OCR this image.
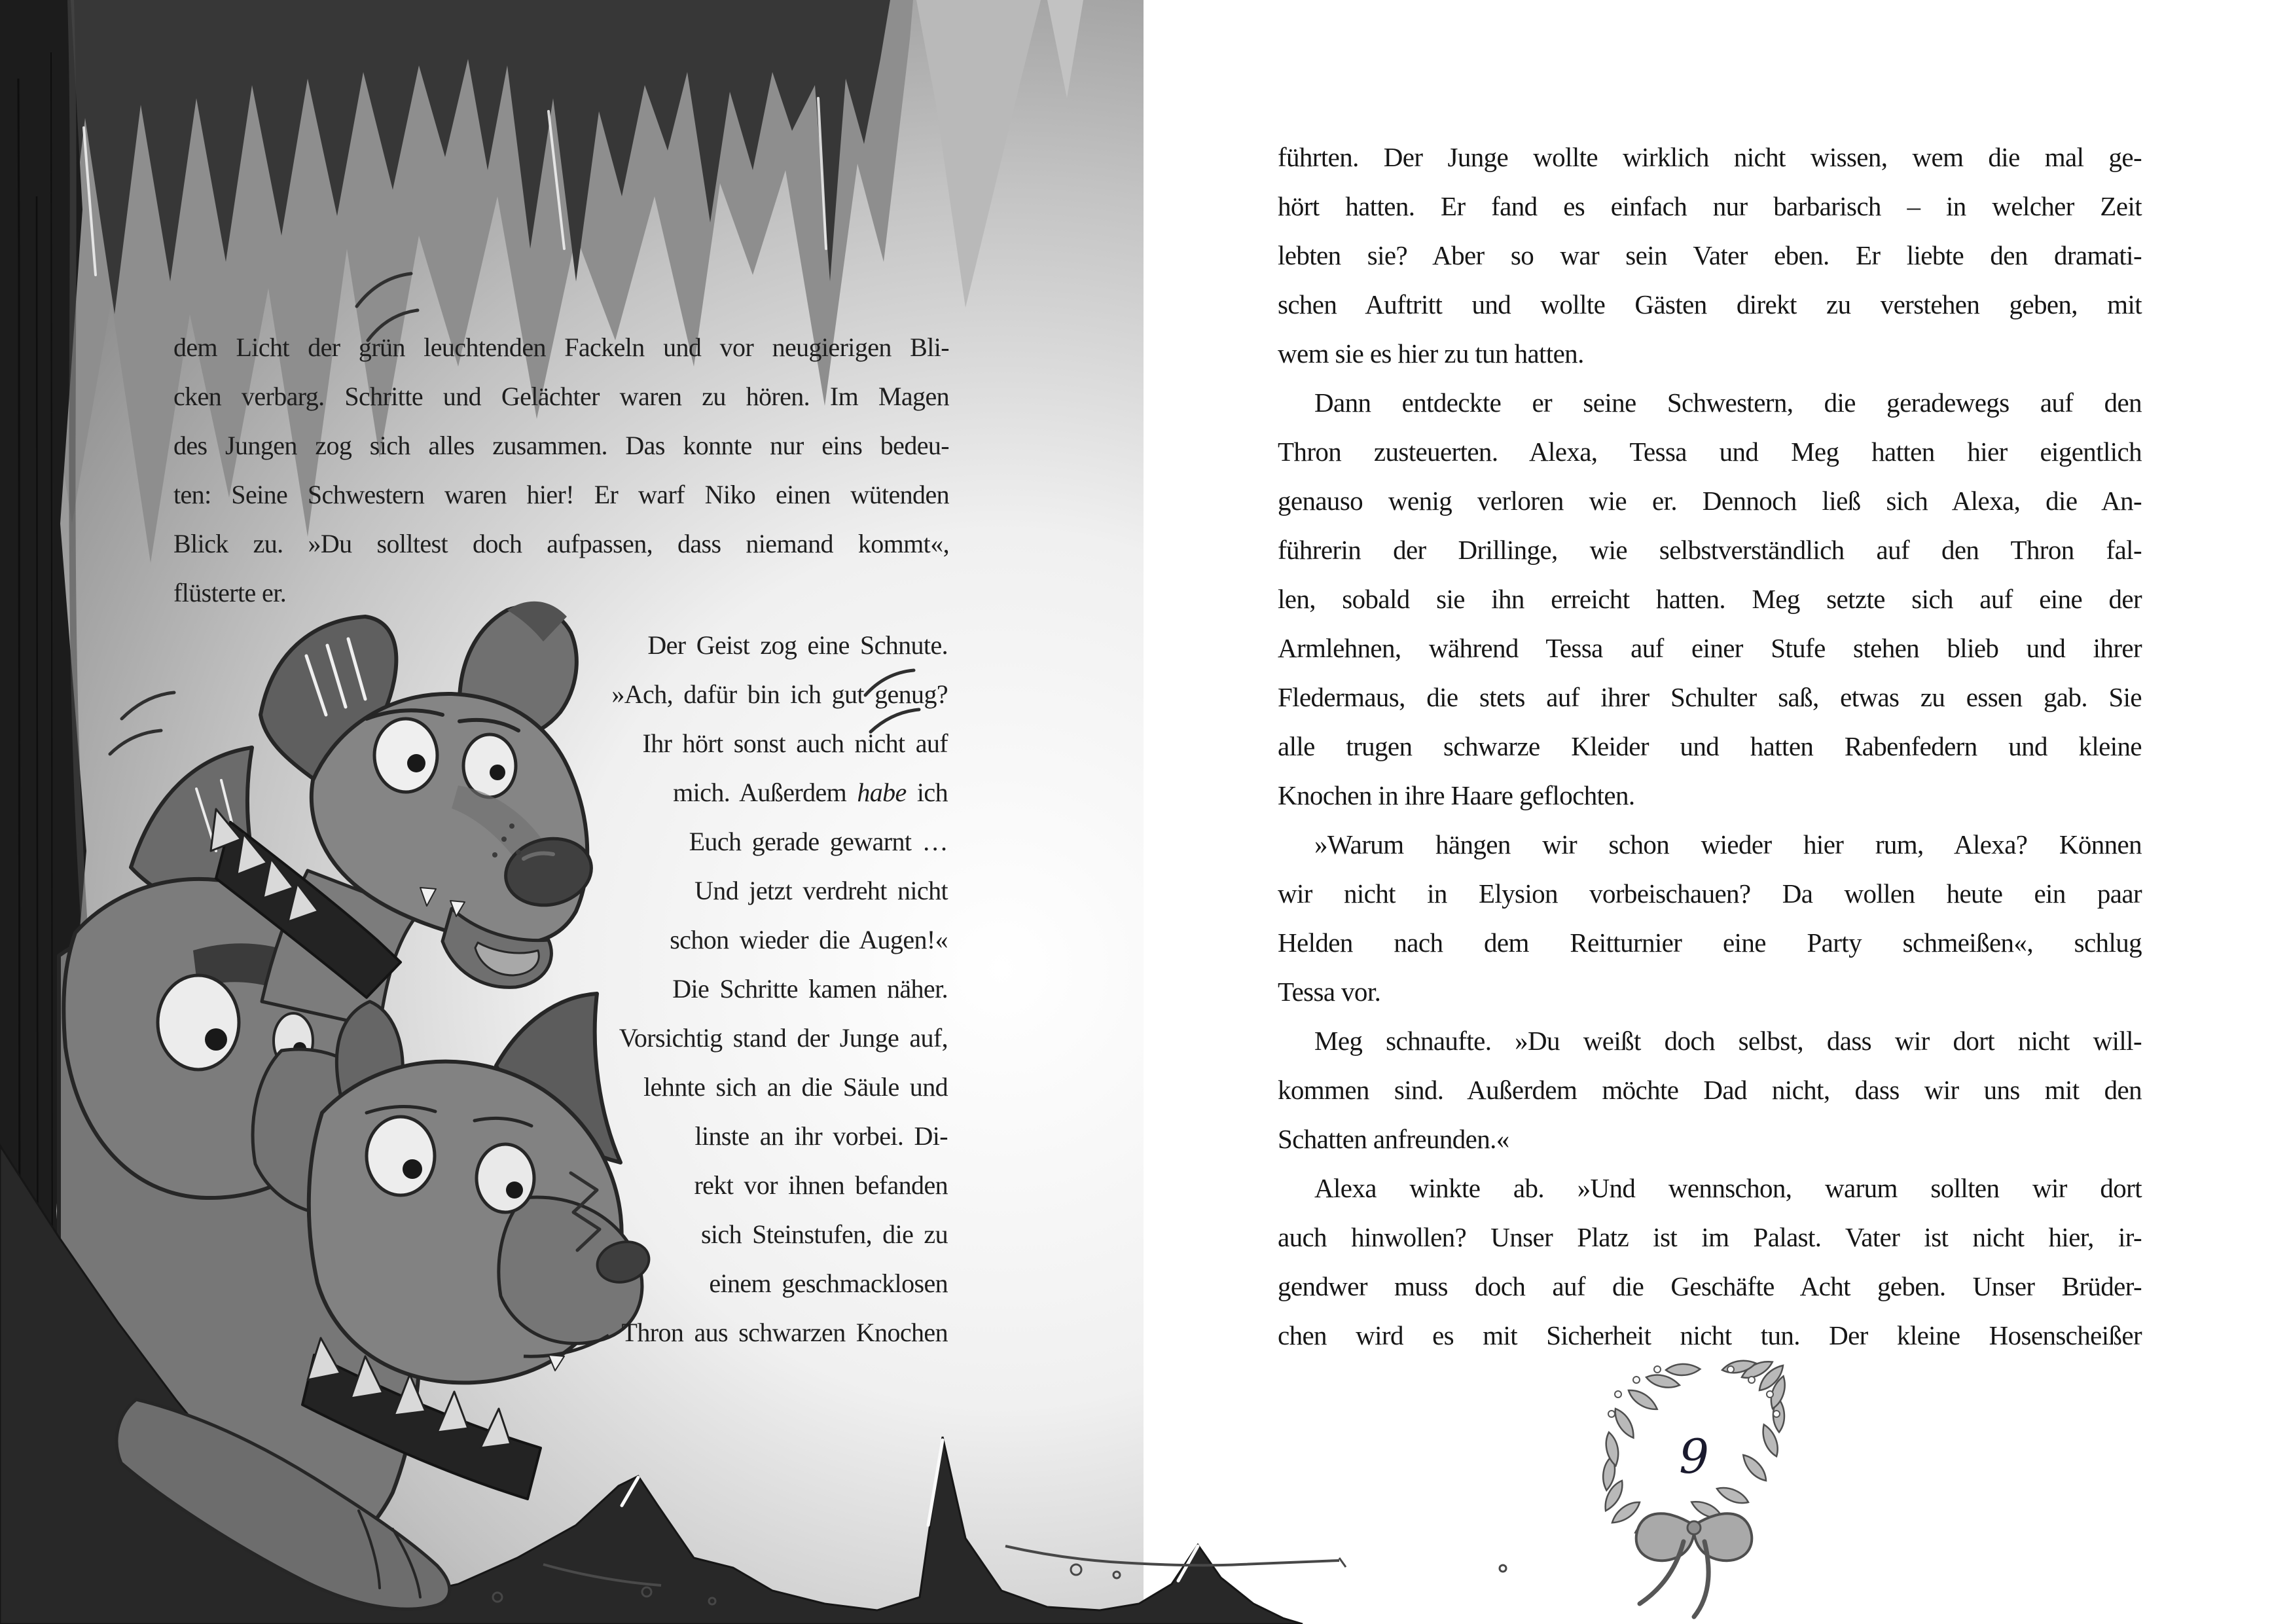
9
dem Licht der grün leuchtenden Fackeln und vor neugierigen Bli-
cken verbarg. Schritte und Gelächter waren zu hören. Im Magen
des Jungen zog sich alles zusammen. Das konnte nur eins bedeu-
ten: Seine Schwestern waren hier! Er warf Niko einen wütenden
Blick zu. »Du solltest doch aufpassen, dass niemand kommt«,
flüsterte er.
Der Geist zog eine Schnute.
»Ach, dafür bin ich gut genug?
Ihr hört sonst auch nicht auf
mich. Außerdem habe ich
Euch gerade gewarnt …
Und jetzt verdreht nicht
schon wieder die Augen!«
Die Schritte kamen näher.
Vorsichtig stand der Junge auf,
lehnte sich an die Säule und
linste an ihr vorbei. Di-
rekt vor ihnen befanden
sich Steinstufen, die zu
einem geschmacklosen
Thron aus schwarzen Knochen
führten. Der Junge wollte wirklich nicht wissen, wem die mal ge-
hört hatten. Er fand es einfach nur barbarisch – in welcher Zeit
lebten sie? Aber so war sein Vater eben. Er liebte den dramati-
schen Auftritt und wollte Gästen direkt zu verstehen geben, mit
wem sie es hier zu tun hatten.
Dann entdeckte er seine Schwestern, die geradewegs auf den
Thron zusteuerten. Alexa, Tessa und Meg hatten hier eigentlich
genauso wenig verloren wie er. Dennoch ließ sich Alexa, die An-
führerin der Drillinge, wie selbstverständlich auf den Thron fal-
len, sobald sie ihn erreicht hatten. Meg setzte sich auf eine der
Armlehnen, während Tessa auf einer Stufe stehen blieb und ihrer
Fledermaus, die stets auf ihrer Schulter saß, etwas zu essen gab. Sie
alle trugen schwarze Kleider und hatten Rabenfedern und kleine
Knochen in ihre Haare geflochten.
»Warum hängen wir schon wieder hier rum, Alexa? Können
wir nicht in Elysion vorbeischauen? Da wollen heute ein paar
Helden nach dem Reitturnier eine Party schmeißen«, schlug
Tessa vor.
Meg schnaufte. »Du weißt doch selbst, dass wir dort nicht will-
kommen sind. Außerdem möchte Dad nicht, dass wir uns mit den
Schatten anfreunden.«
Alexa winkte ab. »Und wennschon, warum sollten wir dort
auch hinwollen? Unser Platz ist im Palast. Vater ist nicht hier, ir-
gendwer muss doch auf die Geschäfte Acht geben. Unser Brüder-
chen wird es mit Sicherheit nicht tun. Der kleine Hosenscheißer
